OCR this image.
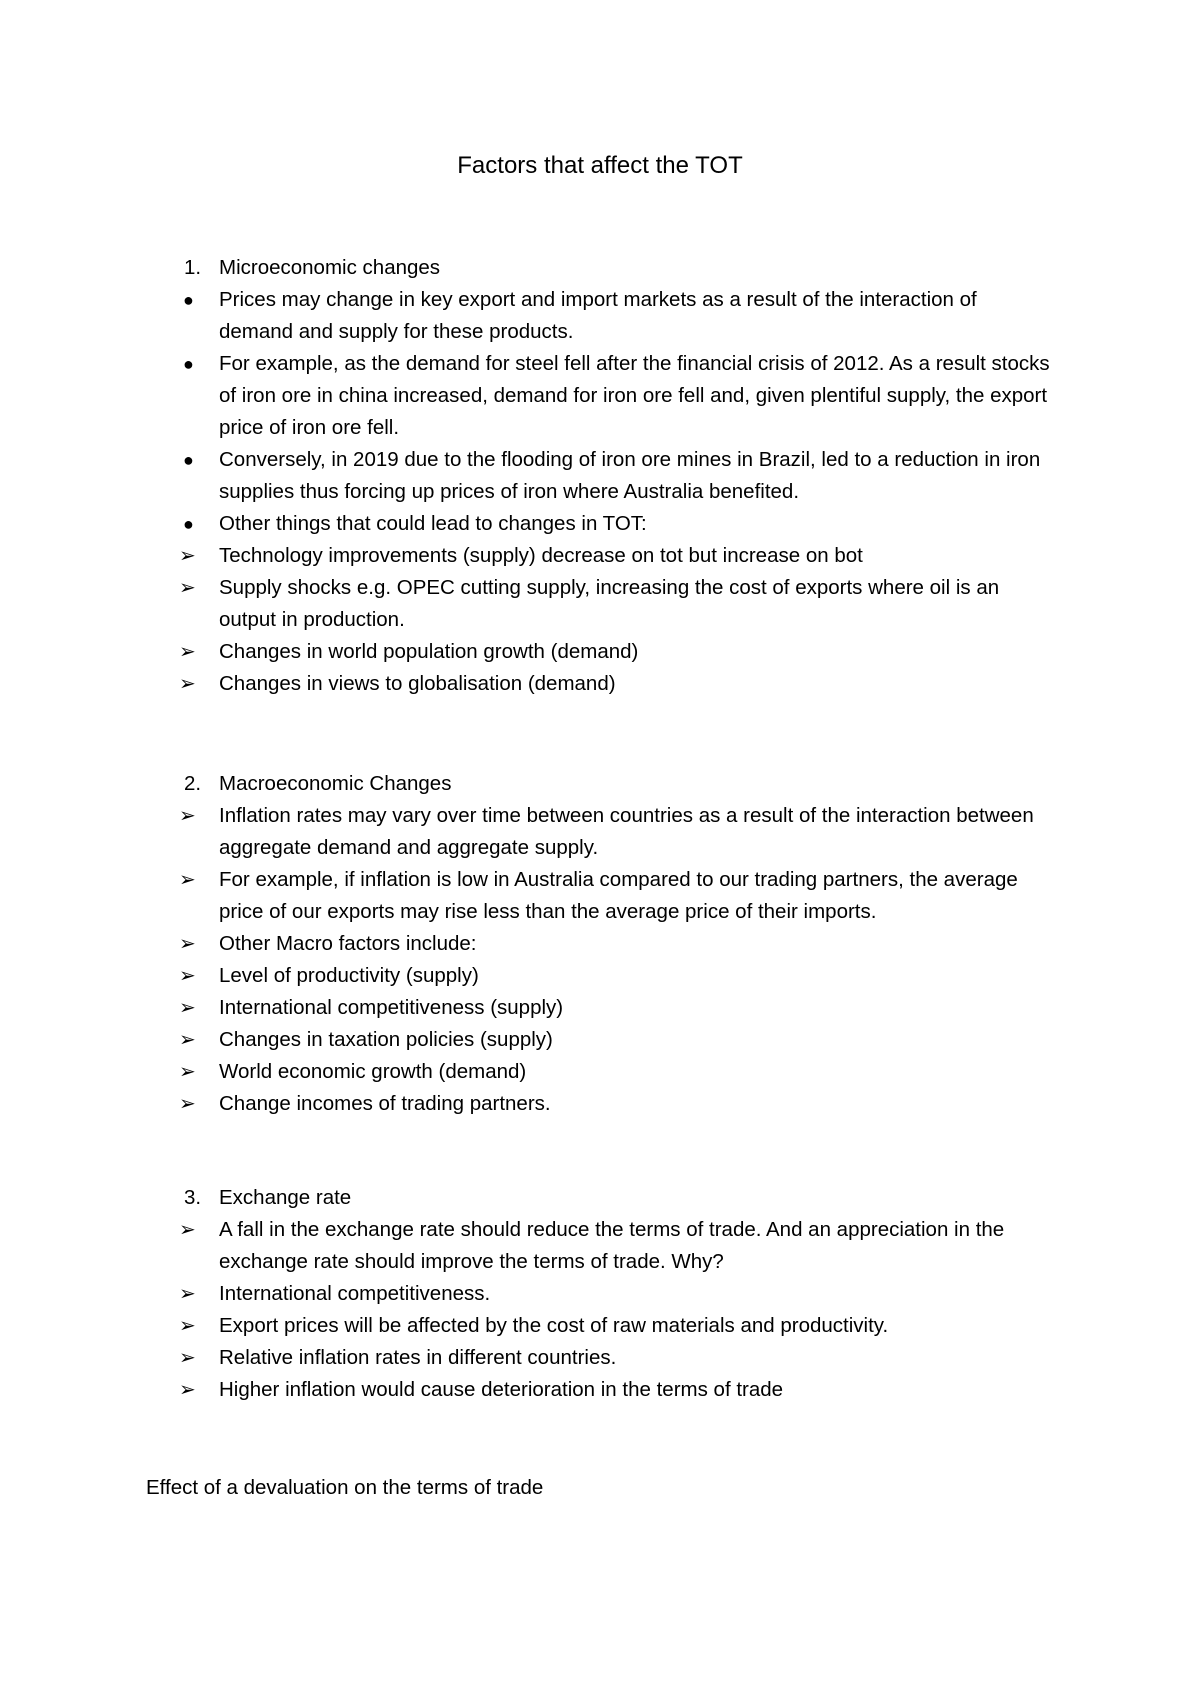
Factors that affect the TOT
1. Microeconomic changes
●	Prices may change in key export and import markets as a result of the interaction of demand and supply for these products.
●	For example, as the demand for steel fell after the financial crisis of 2012. As a result stocks of iron ore in china increased, demand for iron ore fell and, given plentiful supply, the export price of iron ore fell.
●	Conversely, in 2019 due to the flooding of iron ore mines in Brazil, led to a reduction in iron supplies thus forcing up prices of iron where Australia benefited.
●	Other things that could lead to changes in TOT:
➢	Technology improvements (supply) decrease on tot but increase on bot
➢	Supply shocks e.g. OPEC cutting supply, increasing the cost of exports where oil is an output in production.
➢	Changes in world population growth (demand)
➢	Changes in views to globalisation (demand)
2. Macroeconomic Changes
➢	Inflation rates may vary over time between countries as a result of the interaction between aggregate demand and aggregate supply.
➢	For example, if inflation is low in Australia compared to our trading partners, the average price of our exports may rise less than the average price of their imports.
➢	Other Macro factors include:
➢	Level of productivity (supply)
➢	International competitiveness (supply)
➢	Changes in taxation policies (supply)
➢	World economic growth (demand)
➢	Change incomes of trading partners.
3. Exchange rate
➢	A fall in the exchange rate should reduce the terms of trade. And an appreciation in the exchange rate should improve the terms of trade. Why?
➢	International competitiveness.
➢	Export prices will be affected by the cost of raw materials and productivity.
➢	Relative inflation rates in different countries.
➢	Higher inflation would cause deterioration in the terms of trade
Effect of a devaluation on the terms of trade
